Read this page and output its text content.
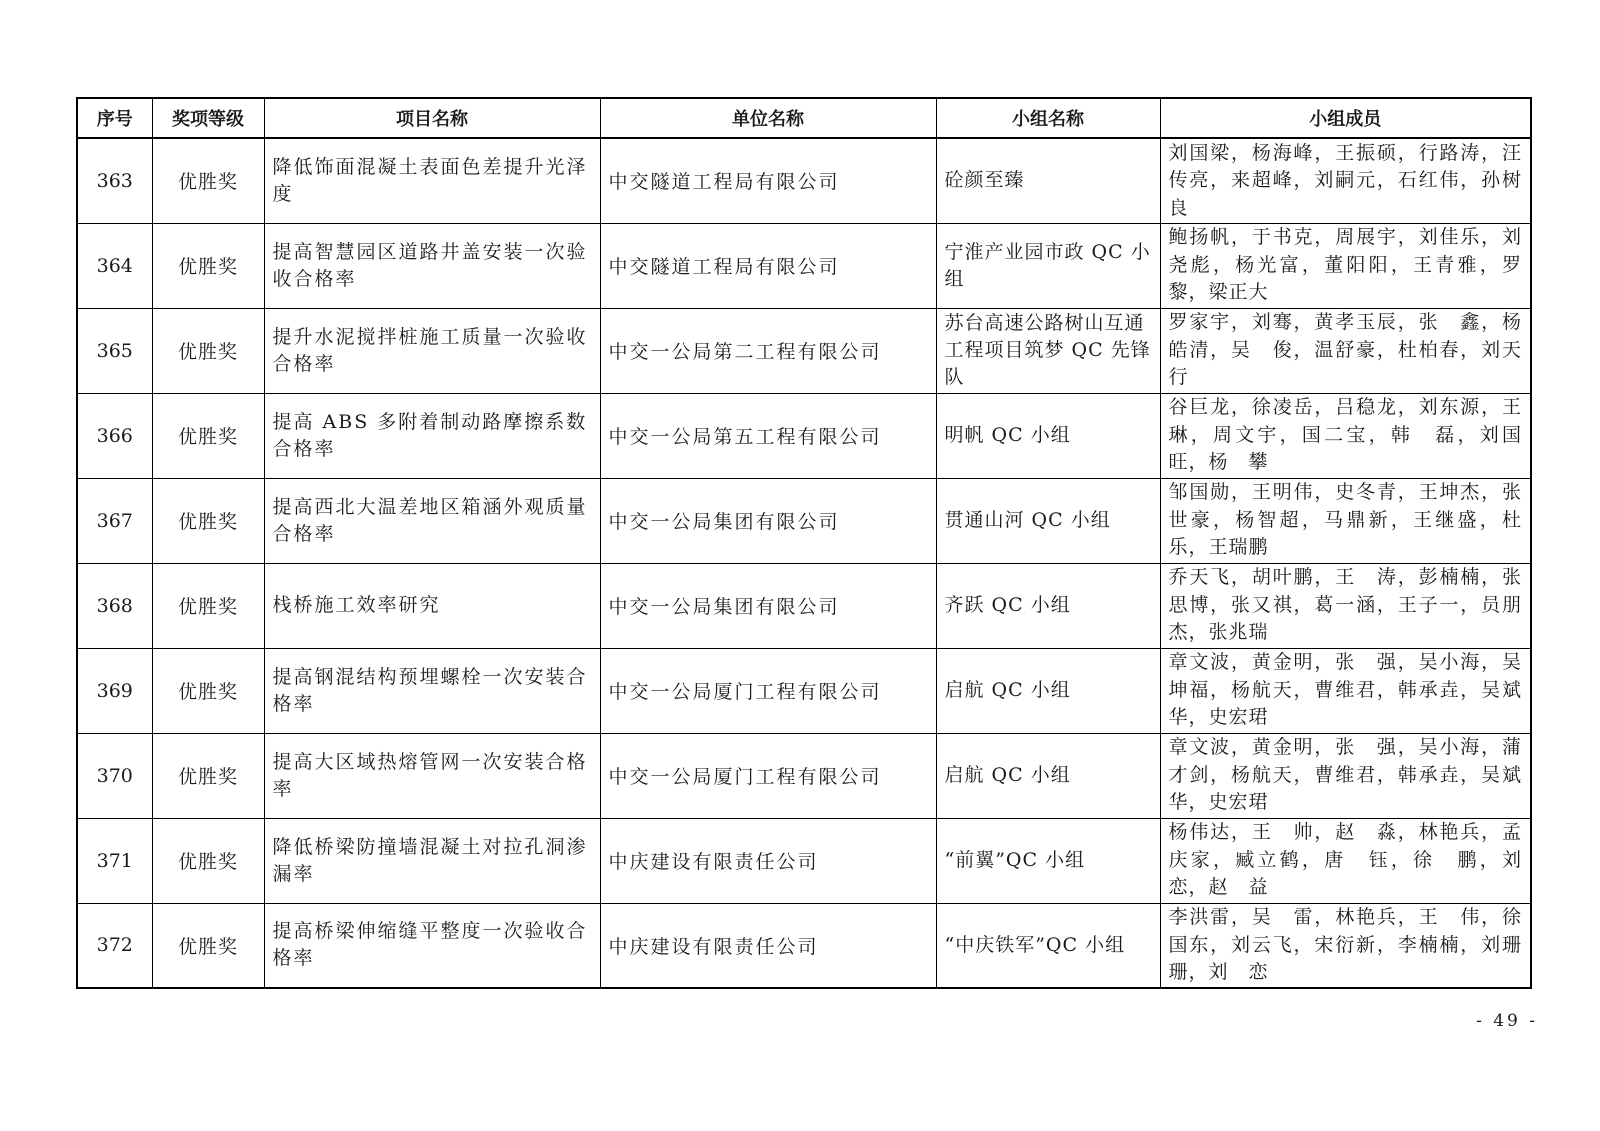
序号	奖项等级	项目名称	单位名称	小组名称	小组成员
363	优胜奖	降低饰面混凝土表面色差提升光泽度	中交隧道工程局有限公司	砼颜至臻	刘国梁，杨海峰，王振硕，行路涛，汪传亮，来超峰，刘嗣元，石红伟，孙树良
364	优胜奖	提高智慧园区道路井盖安装一次验收合格率	中交隧道工程局有限公司	宁淮产业园市政 QC 小组	鲍扬帆，于书克，周展宇，刘佳乐，刘尧彪，杨光富，董阳阳，王青雅，罗　黎，梁正大
365	优胜奖	提升水泥搅拌桩施工质量一次验收合格率	中交一公局第二工程有限公司	苏台高速公路树山互通工程项目筑梦 QC 先锋队	罗家宇，刘骞，黄孝玉辰，张　鑫，杨皓清，吴　俊，温舒豪，杜柏春，刘天行
366	优胜奖	提高 ABS 多附着制动路摩擦系数合格率	中交一公局第五工程有限公司	明帆 QC 小组	谷巨龙，徐凌岳，吕稳龙，刘东源，王　琳，周文宇，国二宝，韩　磊，刘国旺，杨　攀
367	优胜奖	提高西北大温差地区箱涵外观质量合格率	中交一公局集团有限公司	贯通山河 QC 小组	邹国勋，王明伟，史冬青，王坤杰，张世豪，杨智超，马鼎新，王继盛，杜　乐，王瑞鹏
368	优胜奖	栈桥施工效率研究	中交一公局集团有限公司	齐跃 QC 小组	乔天飞，胡叶鹏，王　涛，彭楠楠，张思博，张又祺，葛一涵，王子一，员朋杰，张兆瑞
369	优胜奖	提高钢混结构预埋螺栓一次安装合格率	中交一公局厦门工程有限公司	启航 QC 小组	章文波，黄金明，张　强，吴小海，吴坤福，杨航天，曹维君，韩承垚，吴斌华，史宏珺
370	优胜奖	提高大区域热熔管网一次安装合格率	中交一公局厦门工程有限公司	启航 QC 小组	章文波，黄金明，张　强，吴小海，蒲才剑，杨航天，曹维君，韩承垚，吴斌华，史宏珺
371	优胜奖	降低桥梁防撞墙混凝土对拉孔洞渗漏率	中庆建设有限责任公司	“前翼”QC 小组	杨伟达，王　帅，赵　淼，林艳兵，孟庆家，臧立鹤，唐　钰，徐　鹏，刘　恋，赵　益
372	优胜奖	提高桥梁伸缩缝平整度一次验收合格率	中庆建设有限责任公司	“中庆铁军”QC 小组	李洪雷，吴　雷，林艳兵，王　伟，徐国东，刘云飞，宋衍新，李楠楠，刘珊珊，刘　恋
- 49 -
